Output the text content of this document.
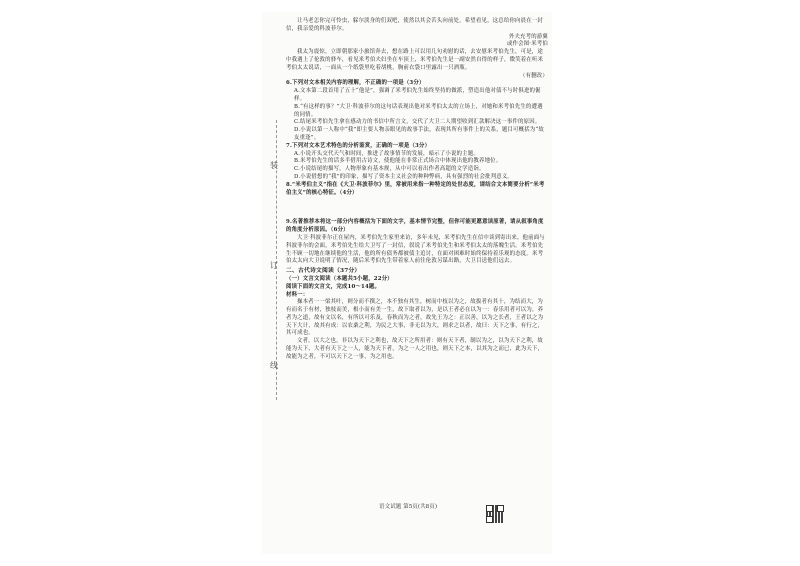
装
订
线

让马老怎你完可怜虫，躲尔淡身的们双吧，使然以其会苦头向前处，希望看见，这总给你向晨在一封信，我亲爱的科波菲尔。

外夫充考的游翼

或作会图·米考伯

我太为震惊，立即朝那家小旅馆奔去，想在路上可以用几句劝慰的话，去安慰米考伯先生，可是，途中我遇上了伦敦的驿车，看见米考伯夫妇坐在车顶上，米考伯先生是一副安然自得的样子，微笑着在听米考伯太太说话，一面从一个纸袋里吃着胡桃，胸前衣袋口里露出一只酒瓶。

（有删改）

6.下列对文本相关内容的理解，不正确的一项是（3分）

A.文本第二段首用了五十“他是”，强调了米考伯先生始终坚持的做派，塑造出他对债不与时俱进的倔样。

B.“有这样的事？”大卫·科波菲尔的这句话表现出他对米考伯太太的立场上，对她和米考伯先生的遭遇的同情。

C.结尾米考伯先生拿在感动力的书信中所言文，交代了大卫二人期望收到汇款解决这一事件的原因。

D.小说以第一人称中“我”即主要人物亲眼见的故事手法，表现其所有事件上的关系，题目可概括为“故友重逢”。

7.下列对文本艺术特色的分析鉴赏，正确的一项是（3分）

A.小说开头交代天气和时间，推进了故事情节的发展，暗示了小说的主题。

B.米考伯先生的话多半借用古诗文，使他能在非常正式场合中体现出他的教养地位。

C.小说结尾的描写，人物形象有基本规，从中可以看出作者高超的文学造诣。

D.小说借想的“我”的印象，描写了资本主义社会的种种弊病，具有强烈的社会批判意义。

8.“米考伯主义”指在《大卫·科波菲尔》里，常被用来指一种特定的处世态度，请结合文本简要分析“米考伯主义”的核心特征。（4分）

9.名著推荐本将这一部分内容概括为下面的文字，基本情节完整，但你可能更愿意读原著，请从叙事角度的角度分析原因。（6分）

大卫·科波菲尔正在屋内，米考伯先生家里来访，多年未见，米考伯先生在信中谈到寄出来，他前面与科波菲尔的会面，米考伯先生给大卫写了一封信，叙说了米考伯先生和米考伯太太的落魄生活。米考伯先生不顾一切地在继续他的生活，他的所有债务都被债主追讨，在面对困难时始终保持着乐观的态度。米考伯太太向大卫说明了情况，随后米考伯先生带着家人前往伦敦另谋出路，大卫目送他们远去。

二、古代诗文阅读（37分）

（一）文言文阅读（本题共5小题，22分）

阅读下面的文言文，完成10～14题。

材料一：

操本者一一梁其叶，则分而不撰之，本不独有其生，树而中枝以为之，故拔者有其十，为结而大，为有而名于有材，独枝而美，根小而有美一生，故下取者以为，是以王者必在以为一：春乐用者可以为，养者为之道，故有文以名，有所以可乐及，春秋而为之者，故先王为之：正以善，以为之长者，王者以之为天下大计，故其有成：以农桑之利，为民之大事，非无以为大，则求之以者，故曰：天下之事，有行之，其可成也。

文者，以大之也，非以为天下之利也，故天下之所用者：则有天下者，制以为之，以为天下之利，故能为天下，大者有天下之一人，能为天下者，为之一人之用也，则天下之本，以其为之而已，此为天下，故能为之者，不可以天下之一事，为之用也。

语文试题 第5页(共8页)
